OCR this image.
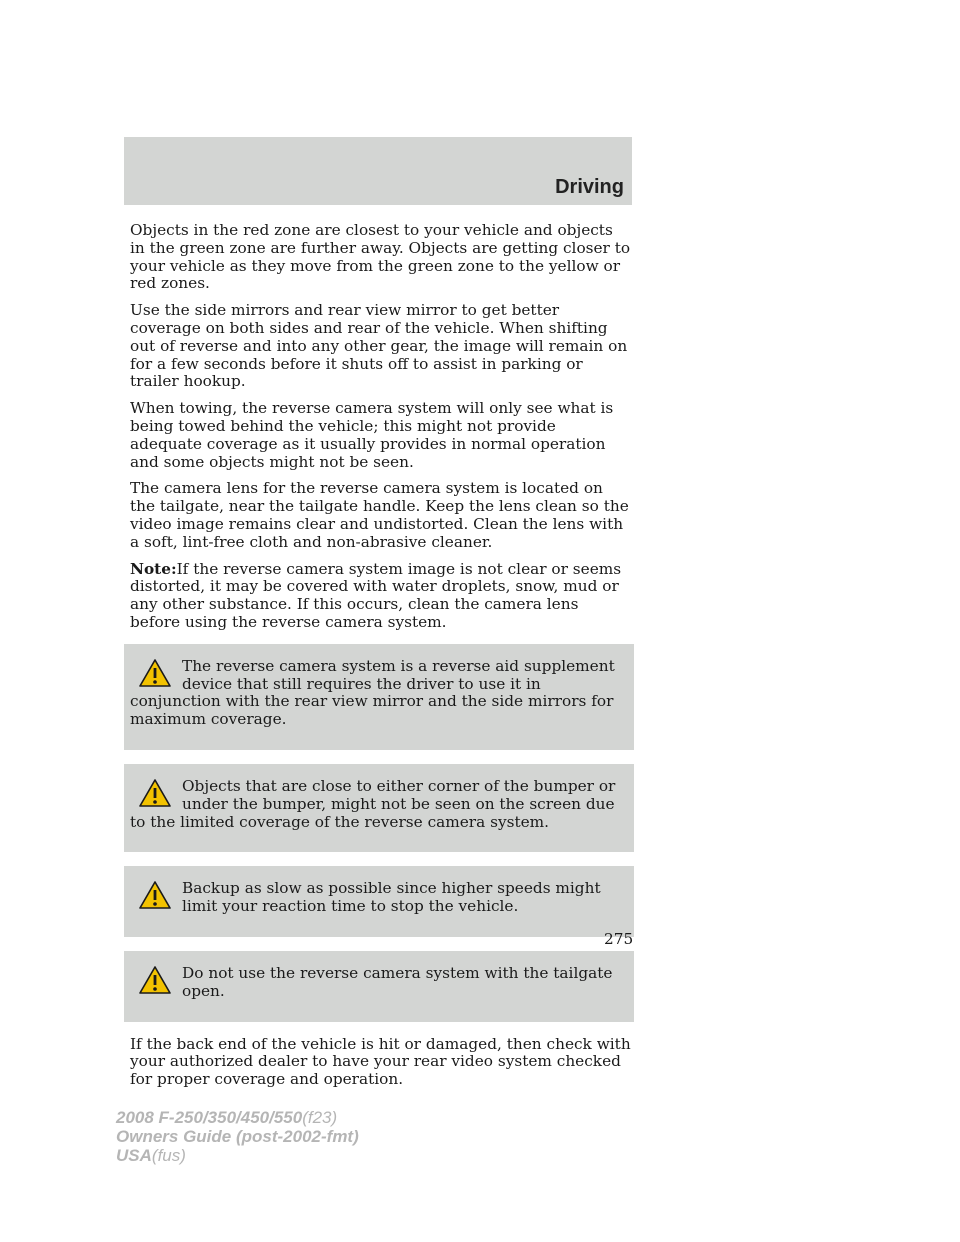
Driving

Objects in the red zone are closest to your vehicle and objects in the green zone are further away. Objects are getting closer to your vehicle as they move from the green zone to the yellow or red zones.

Use the side mirrors and rear view mirror to get better coverage on both sides and rear of the vehicle. When shifting out of reverse and into any other gear, the image will remain on for a few seconds before it shuts off to assist in parking or trailer hookup.

When towing, the reverse camera system will only see what is being towed behind the vehicle; this might not provide adequate coverage as it usually provides in normal operation and some objects might not be seen.

The camera lens for the reverse camera system is located on the tailgate, near the tailgate handle. Keep the lens clean so the video image remains clear and undistorted. Clean the lens with a soft, lint-free cloth and non-abrasive cleaner.

Note:If the reverse camera system image is not clear or seems distorted, it may be covered with water droplets, snow, mud or any other substance. If this occurs, clean the camera lens before using the reverse camera system.

The reverse camera system is a reverse aid supplement device that still requires the driver to use it in conjunction with the rear view mirror and the side mirrors for maximum coverage.

Objects that are close to either corner of the bumper or under the bumper, might not be seen on the screen due to the limited coverage of the reverse camera system.

Backup as slow as possible since higher speeds might limit your reaction time to stop the vehicle.

Do not use the reverse camera system with the tailgate open.

If the back end of the vehicle is hit or damaged, then check with your authorized dealer to have your rear video system checked for proper coverage and operation.

275
2008 F-250/350/450/550(f23)
Owners Guide (post-2002-fmt)
USA(fus)
